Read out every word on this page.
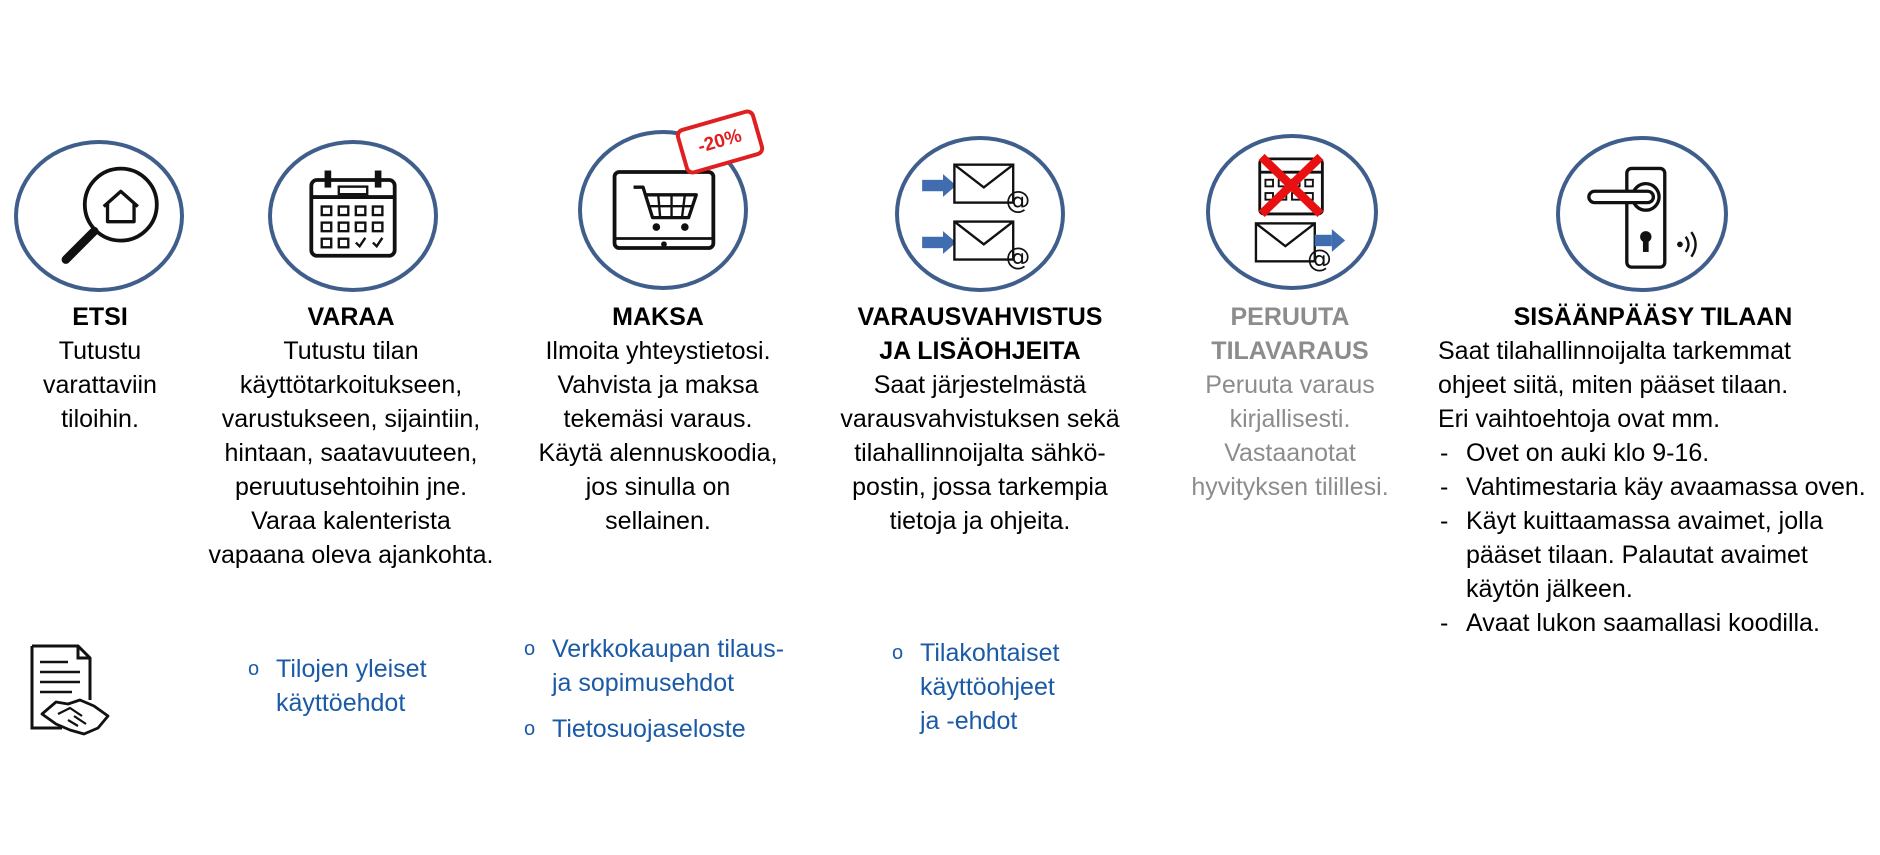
-20%
@
@	@
ETSI
Tutustu
varattaviin
tiloihin.
VARAA
Tutustu tilan
käyttötarkoitukseen,
varustukseen, sijaintiin,
hintaan, saatavuuteen,
peruutusehtoihin jne.
Varaa kalenterista
vapaana oleva ajankohta.
MAKSA
Ilmoita yhteystietosi.
Vahvista ja maksa
tekemäsi varaus.
Käytä alennuskoodia,
jos sinulla on
sellainen.
VARAUSVAHVISTUS
JA LISÄOHJEITA
Saat järjestelmästä
varausvahvistuksen sekä
tilahallinnoijalta sähkö-
postin, jossa tarkempia
tietoja ja ohjeita.
PERUUTA
TILAVARAUS
Peruuta varaus
kirjallisesti.
Vastaanotat
hyvityksen tilillesi.
SISÄÄNPÄÄSY TILAAN
Saat tilahallinnoijalta tarkemmat
ohjeet siitä, miten pääset tilaan.
Eri vaihtoehtoja ovat mm.
- Ovet on auki klo 9-16.
- Vahtimestaria käy avaamassa oven.
- Käyt kuittaamassa avaimet, jolla
pääset tilaan. Palautat avaimet
käytön jälkeen.
- Avaat lukon saamallasi koodilla.
o Tilojen yleiset
käyttöehdot
o Verkkokaupan tilaus-
ja sopimusehdot
o Tietosuojaseloste
o Tilakohtaiset
käyttöohjeet
ja -ehdot
